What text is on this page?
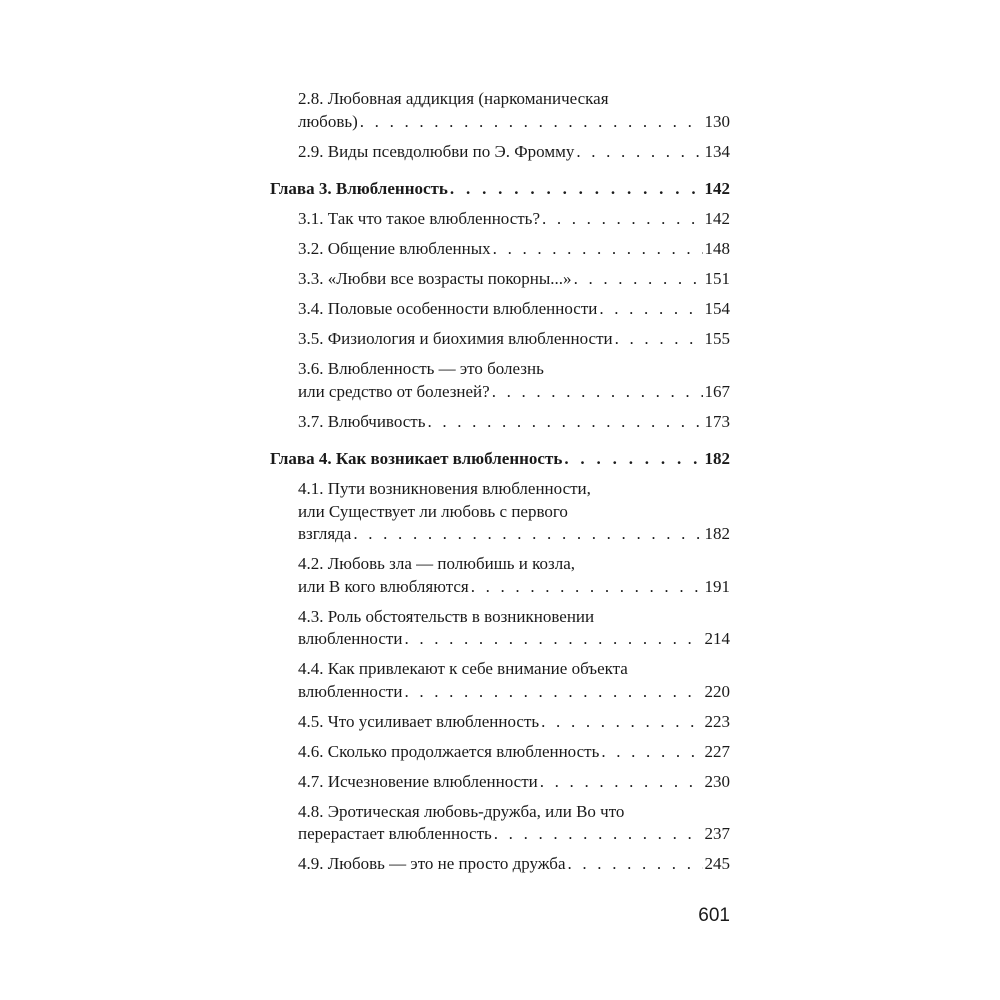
2.8. Любовная аддикция (наркоманическая
любовь) . . .	130
2.9. Виды псевдолюбви по Э. Фромму . . .	134
Глава 3. Влюбленность . . .	142
3.1. Так что такое влюбленность? . . .	142
3.2. Общение влюбленных . . .	148
3.3. «Любви все возрасты покорны...» . . .	151
3.4. Половые особенности влюбленности . . .	154
3.5. Физиология и биохимия влюбленности . . .	155
3.6. Влюбленность — это болезнь
или средство от болезней? . . .	167
3.7. Влюбчивость . . .	173
Глава 4. Как возникает влюбленность . . .	182
4.1. Пути возникновения влюбленности,
или Существует ли любовь с первого
взгляда . . .	182
4.2. Любовь зла — полюбишь и козла,
или В кого влюбляются . . .	191
4.3. Роль обстоятельств в возникновении
влюбленности . . .	214
4.4. Как привлекают к себе внимание объекта
влюбленности . . .	220
4.5. Что усиливает влюбленность . . .	223
4.6. Сколько продолжается влюбленность . . .	227
4.7. Исчезновение влюбленности . . .	230
4.8. Эротическая любовь-дружба, или Во что
перерастает влюбленность . . .	237
4.9. Любовь — это не просто дружба . . .	245
601
